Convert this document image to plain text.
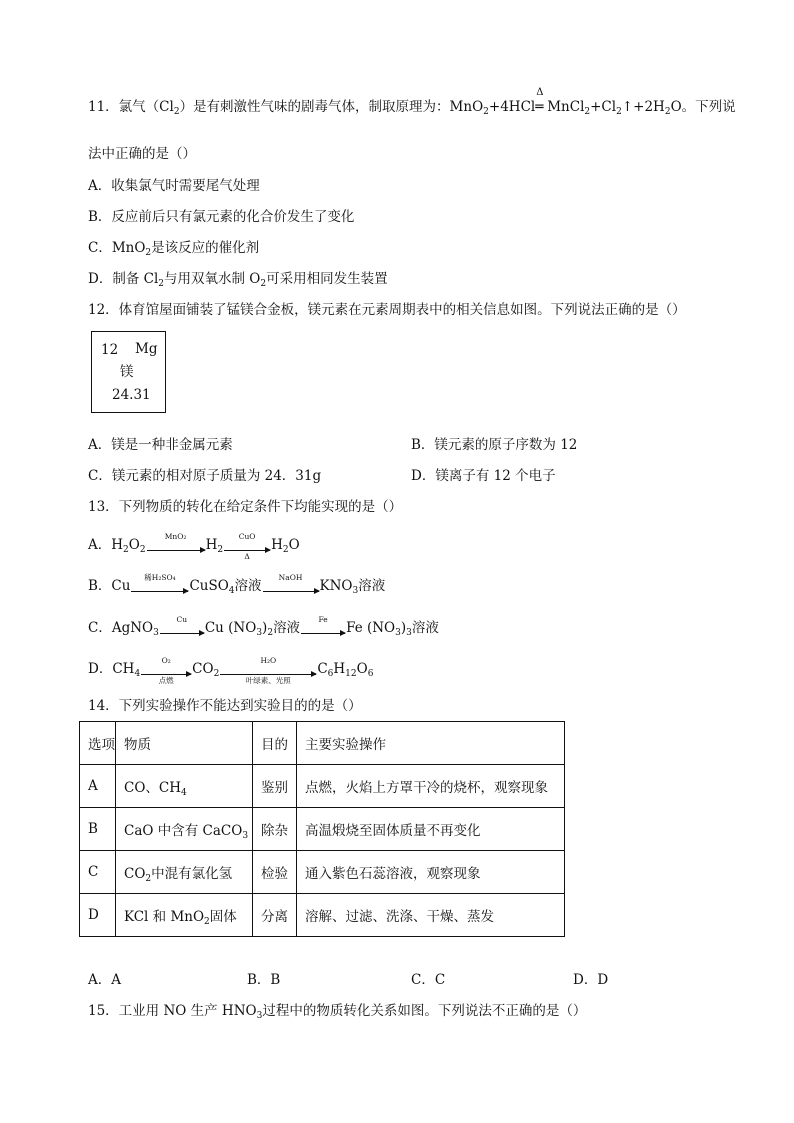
11．氯气$(Cl_2)$是有刺激性气味的剧毒气体，制取原理为：MnO$_2$+4HCl
Δ
═ $MnCl_2+Cl_2↑+2H_2O$。下列说
法中正确的是（）
A．收集氯气时需要尾气处理
B．反应前后只有氯元素的化合价发生了变化
C．MnO$_2$是该反应的催化剂
D．制备 $Cl_2$与用双氧水制 $O_2$可采用相同发生装置
12．体育馆屋面铺装了锰镁合金板，镁元素在元素周期表中的相关信息如图。下列说法正确的是（）
12 Mg
镁
24.31
A．镁是一种非金属元素	B．镁元素的原子序数为 12
C．镁元素的相对原子质量为 24．31g	D．镁离子有 12 个电子
13．下列物质的转化在给定条件下均能实现的是（）
A．$H_2O_2$
MnO₂
$H_2$
CuO
Δ
$H_2O$
B．Cu
稀H₂SO₄
CuSO$_4$溶液
NaOH
$KNO_3$溶液
C．AgNO$_3$
Cu
Cu $(NO_3)_2$溶液
Fe
Fe $(NO_3)_3$溶液
D．$CH_4$
O₂
点燃
$CO_2$
H₂O
叶绿素、光照
$C_6H_{12}O_6$
14．下列实验操作不能达到实验目的的是（）
选项	物质	目的	主要实验操作
A	CO、$CH_4$	鉴别	点燃，火焰上方罩干冷的烧杯，观察现象
B	CaO 中含有 CaCO$_3$	除杂	高温煅烧至固体质量不再变化
C	$CO_2$中混有氯化氢	检验	通入紫色石蕊溶液，观察现象
D	KCl 和 MnO$_2$固体	分离	溶解、过滤、洗涤、干燥、蒸发
A．A	B．B	C．C	D．D
15．工业用 NO 生产 $HNO_3$过程中的物质转化关系如图。下列说法不正确的是（）
